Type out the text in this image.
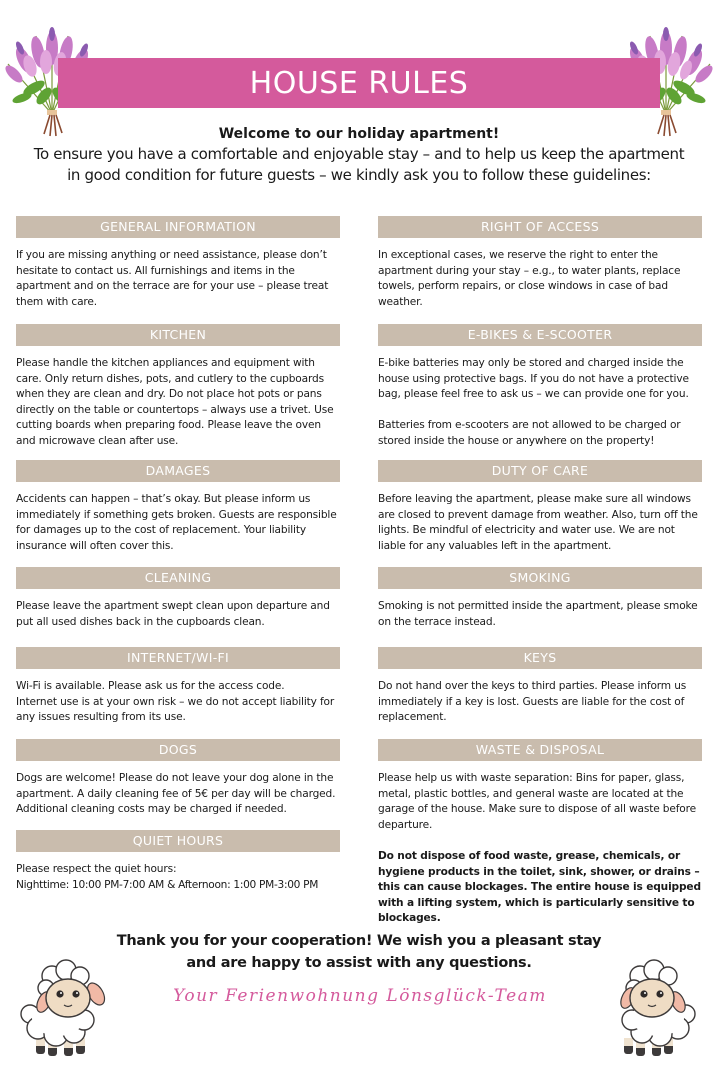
HOUSE RULES
Welcome to our holiday apartment!
To ensure you have a comfortable and enjoyable stay – and to help us keep the apartment
in good condition for future guests – we kindly ask you to follow these guidelines:
GENERAL INFORMATION

If you are missing anything or need assistance, please don’t hesitate to contact us. All furnishings and items in the apartment and on the terrace are for your use – please treat them with care.

KITCHEN

Please handle the kitchen appliances and equipment with care. Only return dishes, pots, and cutlery to the cupboards when they are clean and dry. Do not place hot pots or pans directly on the table or countertops – always use a trivet. Use cutting boards when preparing food. Please leave the oven and microwave clean after use.

DAMAGES

Accidents can happen – that’s okay. But please inform us immediately if something gets broken. Guests are responsible for damages up to the cost of replacement. Your liability insurance will often cover this.

CLEANING

Please leave the apartment swept clean upon departure and put all used dishes back in the cupboards clean.

INTERNET/WI-FI
Wi-Fi is available. Please ask us for the access code.
Internet use is at your own risk – we do not accept liability for any issues resulting from its use.
DOGS

Dogs are welcome! Please do not leave your dog alone in the apartment. A daily cleaning fee of 5€ per day will be charged. Additional cleaning costs may be charged if needed.

QUIET HOURS
Please respect the quiet hours:
Nighttime: 10:00 PM-7:00 AM & Afternoon: 1:00 PM-3:00 PM
RIGHT OF ACCESS

In exceptional cases, we reserve the right to enter the apartment during your stay – e.g., to water plants, replace towels, perform repairs, or close windows in case of bad weather.

E-BIKES & E-SCOOTER

E-bike batteries may only be stored and charged inside the house using protective bags. If you do not have a protective bag, please feel free to ask us – we can provide one for you.

Batteries from e-scooters are not allowed to be charged or stored inside the house or anywhere on the property!

DUTY OF CARE

Before leaving the apartment, please make sure all windows are closed to prevent damage from weather. Also, turn off the lights. Be mindful of electricity and water use. We are not liable for any valuables left in the apartment.

SMOKING

Smoking is not permitted inside the apartment, please smoke on the terrace instead.

KEYS

Do not hand over the keys to third parties. Please inform us immediately if a key is lost. Guests are liable for the cost of replacement.

WASTE & DISPOSAL

Please help us with waste separation: Bins for paper, glass, metal, plastic bottles, and general waste are located at the garage of the house. Make sure to dispose of all waste before departure.

Do not dispose of food waste, grease, chemicals, or hygiene products in the toilet, sink, shower, or drains – this can cause blockages. The entire house is equipped with a lifting system, which is particularly sensitive to blockages.

Thank you for your cooperation! We wish you a pleasant stay
and are happy to assist with any questions.
Your Ferienwohnung Lönsglück-Team
